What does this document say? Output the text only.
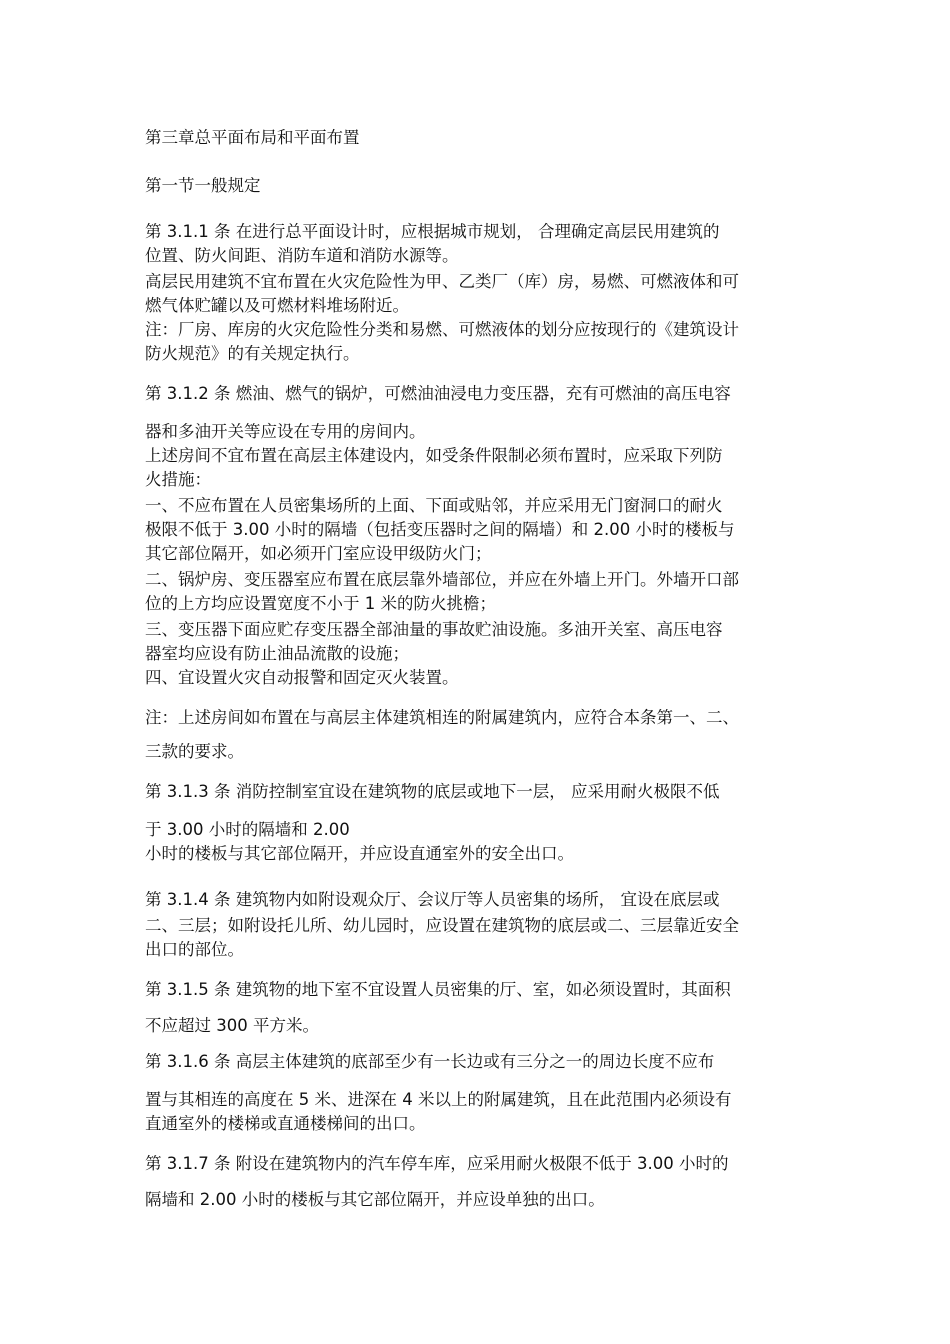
第三章总平面布局和平面布置

第一节一般规定

第 3.1.1 条 在进行总平面设计时，应根据城市规划， 合理确定高层民用建筑的

位置、防火间距、消防车道和消防水源等。

高层民用建筑不宜布置在火灾危险性为甲、乙类厂（库）房，易燃、可燃液体和可

燃气体贮罐以及可燃材料堆场附近。

注：厂房、库房的火灾危险性分类和易燃、可燃液体的划分应按现行的《建筑设计

防火规范》的有关规定执行。

第 3.1.2 条 燃油、燃气的锅炉，可燃油油浸电力变压器，充有可燃油的高压电容

器和多油开关等应设在专用的房间内。

上述房间不宜布置在高层主体建设内，如受条件限制必须布置时，应采取下列防

火措施：

一、不应布置在人员密集场所的上面、下面或贴邻，并应采用无门窗洞口的耐火

极限不低于 3.00 小时的隔墙（包括变压器时之间的隔墙）和 2.00 小时的楼板与

其它部位隔开，如必须开门室应设甲级防火门；

二、锅炉房、变压器室应布置在底层靠外墙部位，并应在外墙上开门。外墙开口部

位的上方均应设置宽度不小于 1 米的防火挑檐；

三、变压器下面应贮存变压器全部油量的事故贮油设施。多油开关室、高压电容

器室均应设有防止油品流散的设施；

四、宜设置火灾自动报警和固定灭火装置。

注：上述房间如布置在与高层主体建筑相连的附属建筑内，应符合本条第一、二、

三款的要求。

第 3.1.3 条 消防控制室宜设在建筑物的底层或地下一层， 应采用耐火极限不低

于 3.00 小时的隔墙和 2.00

小时的楼板与其它部位隔开，并应设直通室外的安全出口。

第 3.1.4 条 建筑物内如附设观众厅、会议厅等人员密集的场所， 宜设在底层或

二、三层；如附设托儿所、幼儿园时，应设置在建筑物的底层或二、三层靠近安全

出口的部位。

第 3.1.5 条 建筑物的地下室不宜设置人员密集的厅、室，如必须设置时，其面积

不应超过 300 平方米。

第 3.1.6 条 高层主体建筑的底部至少有一长边或有三分之一的周边长度不应布

置与其相连的高度在 5 米、进深在 4 米以上的附属建筑，且在此范围内必须设有

直通室外的楼梯或直通楼梯间的出口。

第 3.1.7 条 附设在建筑物内的汽车停车库，应采用耐火极限不低于 3.00 小时的

隔墙和 2.00 小时的楼板与其它部位隔开，并应设单独的出口。
